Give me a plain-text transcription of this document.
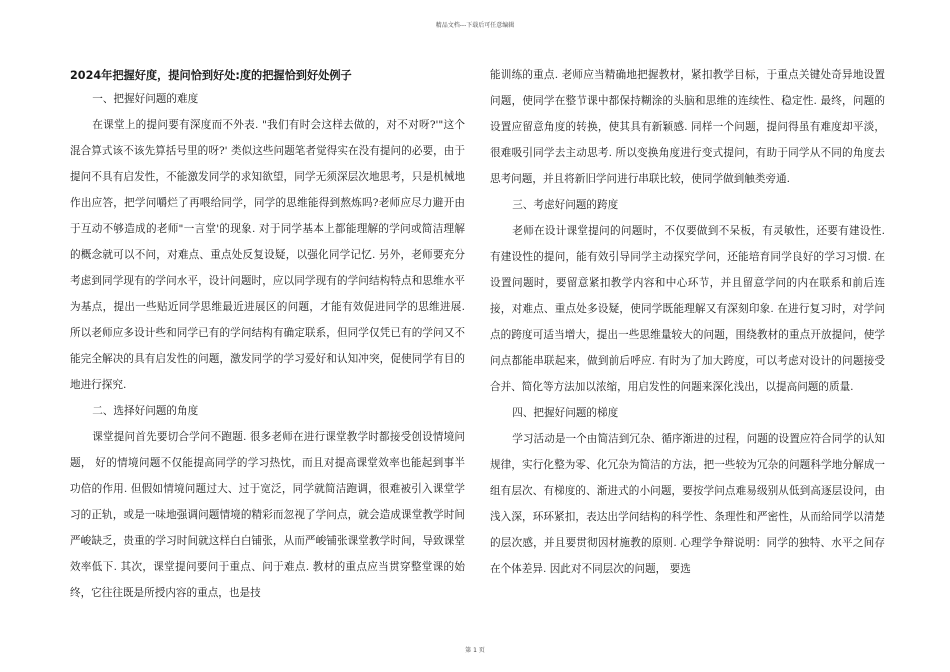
精品文档---下载后可任意编辑
2024年把握好度，提问恰到好处:度的把握恰到好处例子
一、把握好问题的难度

在课堂上的提问要有深度而不外表. "我们有时会这样去做的，对不对呀?'"这个混合算式该不该先算括号里的呀?' 类似这些问题笔者觉得实在没有提问的必要，由于提问不具有启发性，不能激发同学的求知欲望，同学无须深层次地思考，只是机械地作出应答，把学问嚼烂了再喂给同学，同学的思维能得到熬炼吗?老师应尽力避开由于互动不够造成的老师"一言堂'的现象. 对于同学基本上都能理解的学问或简洁理解的概念就可以不问，对难点、重点处反复设疑，以强化同学记忆. 另外，老师要充分考虑到同学现有的学问水平，设计问题时，应以同学现有的学问结构特点和思维水平为基点，提出一些贴近同学思维最近进展区的问题，才能有效促进同学的思维进展. 所以老师应多设计些和同学已有的学问结构有确定联系，但同学仅凭已有的学问又不能完全解决的具有启发性的问题，激发同学的学习爱好和认知冲突，促使同学有目的地进行探究.

二、选择好问题的角度

课堂提问首先要切合学问不跑题. 很多老师在进行课堂教学时都接受创设情境问题， 好的情境问题不仅能提高同学的学习热忱，而且对提高课堂效率也能起到事半功倍的作用. 但假如情境问题过大、过于宽泛，同学就简洁跑调，很难被引入课堂学习的正轨，或是一味地强调问题情境的精彩而忽视了学问点，就会造成课堂教学时间严峻缺乏，贵重的学习时间就这样白白铺张，从而严峻铺张课堂教学时间，导致课堂效率低下. 其次，课堂提问要问于重点、问于难点. 教材的重点应当贯穿整堂课的始终，它往往既是所授内容的重点，也是技

能训练的重点. 老师应当精确地把握教材，紧扣教学目标，于重点关键处奇异地设置问题，使同学在整节课中都保持糊涂的头脑和思维的连续性、稳定性. 最终，问题的设置应留意角度的转换，使其具有新颖感. 同样一个问题，提问得虽有难度却平淡，很难吸引同学去主动思考. 所以变换角度进行变式提问，有助于同学从不同的角度去思考问题，并且将新旧学问进行串联比较，使同学做到触类旁通.

三、考虑好问题的跨度

老师在设计课堂提问的问题时，不仅要做到不呆板，有灵敏性，还要有建设性. 有建设性的提问，能有效引导同学主动探究学问，还能培育同学良好的学习习惯. 在设置问题时，要留意紧扣教学内容和中心环节，并且留意学问的内在联系和前后连接，对难点、重点处多设疑，使同学既能理解又有深刻印象. 在进行复习时，对学问点的跨度可适当增大，提出一些思维量较大的问题，围绕教材的重点开放提问，使学问点都能串联起来，做到前后呼应. 有时为了加大跨度，可以考虑对设计的问题接受合并、简化等方法加以浓缩，用启发性的问题来深化浅出，以提高问题的质量.

四、把握好问题的梯度

学习活动是一个由简洁到冗杂、循序渐进的过程，问题的设置应符合同学的认知规律，实行化整为零、化冗杂为简洁的方法，把一些较为冗杂的问题科学地分解成一组有层次、有梯度的、渐进式的小问题，要按学问点难易级别从低到高逐层设问，由浅入深，环环紧扣，表达出学问结构的科学性、条理性和严密性，从而给同学以清楚的层次感，并且要贯彻因材施教的原则. 心理学争辩说明：同学的独特、水平之间存在个体差异. 因此对不同层次的问题， 要选

第 1 页
